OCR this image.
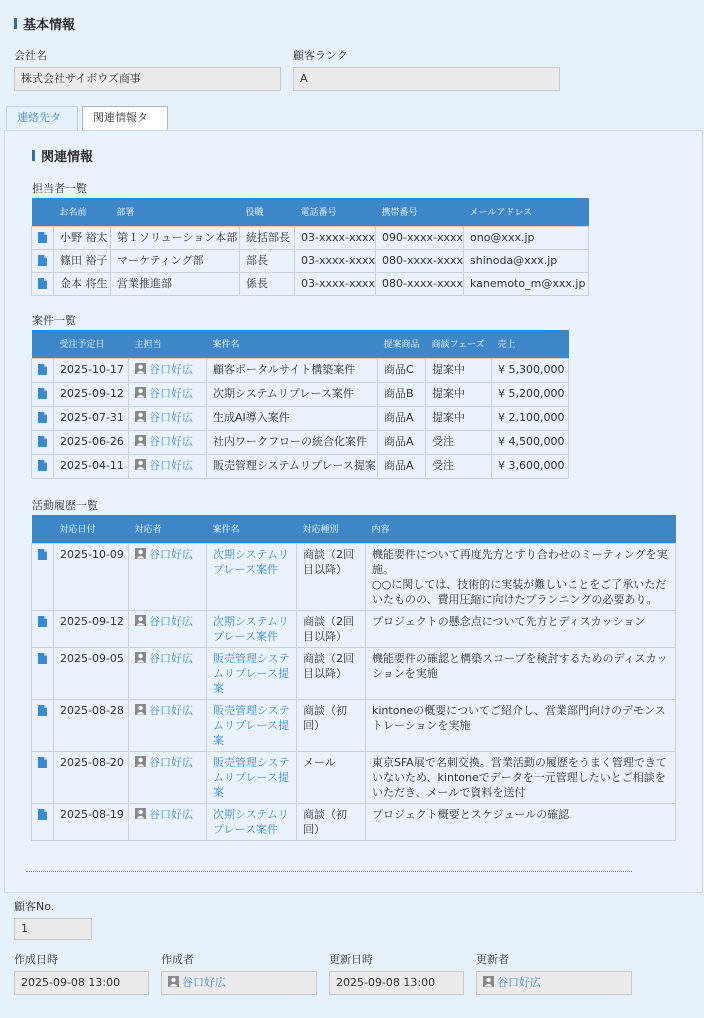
基本情報
会社名
株式会社サイボウズ商事
顧客ランク
A
連絡先タ	関連情報タ
関連情報
担当者一覧
	お名前	部署	役職	電話番号	携帯番号	メールアドレス

	小野 裕太	第１ソリューション本部	統括部長	03-xxxx-xxxx	090-xxxx-xxxx	ono@xxx.jp

	篠田 裕子	マーケティング部	部長	03-xxxx-xxxx	080-xxxx-xxxx	shinoda@xxx.jp

	金本 将生	営業推進部	係長	03-xxxx-xxxx	080-xxxx-xxxx	kanemoto_m@xxx.jp
案件一覧
	受注予定日	主担当	案件名	提案商品	商談フェーズ	売上

	2025-10-17	谷口好広	顧客ポータルサイト構築案件	商品C	提案中	¥ 5,300,000

	2025-09-12	谷口好広	次期システムリプレース案件	商品B	提案中	¥ 5,200,000

	2025-07-31	谷口好広	生成AI導入案件	商品A	提案中	¥ 2,100,000

	2025-06-26	谷口好広	社内ワークフローの統合化案件	商品A	受注	¥ 4,500,000

	2025-04-11	谷口好広	販売管理システムリプレース提案	商品A	受注	¥ 3,600,000
活動履歴一覧
	対応日付	対応者	案件名	対応種別	内容

	2025-10-09	谷口好広	次期システムリプレース案件	商談（2回目以降）	機能要件について再度先方とすり合わせのミーティングを実施。
○○に関しては、技術的に実装が難しいことをご了承いただいたものの、費用圧縮に向けたプランニングの必要あり。

	2025-09-12	谷口好広	次期システムリプレース案件	商談（2回目以降）	プロジェクトの懸念点について先方とディスカッション

	2025-09-05	谷口好広	販売管理システムリプレース提案	商談（2回目以降）	機能要件の確認と構築スコープを検討するためのディスカッションを実施

	2025-08-28	谷口好広	販売管理システムリプレース提案	商談（初回）	kintoneの概要についてご紹介し、営業部門向けのデモンストレーションを実施

	2025-08-20	谷口好広	販売管理システムリプレース提案	メール	東京SFA展で名刺交換。営業活動の履歴をうまく管理できていないため、kintoneでデータを一元管理したいとご相談をいただき、メールで資料を送付

	2025-08-19	谷口好広	次期システムリプレース案件	商談（初回）	プロジェクト概要とスケジュールの確認
顧客No.
1
作成日時
2025-09-08 13:00
作成者
谷口好広
更新日時
2025-09-08 13:00
更新者
谷口好広
